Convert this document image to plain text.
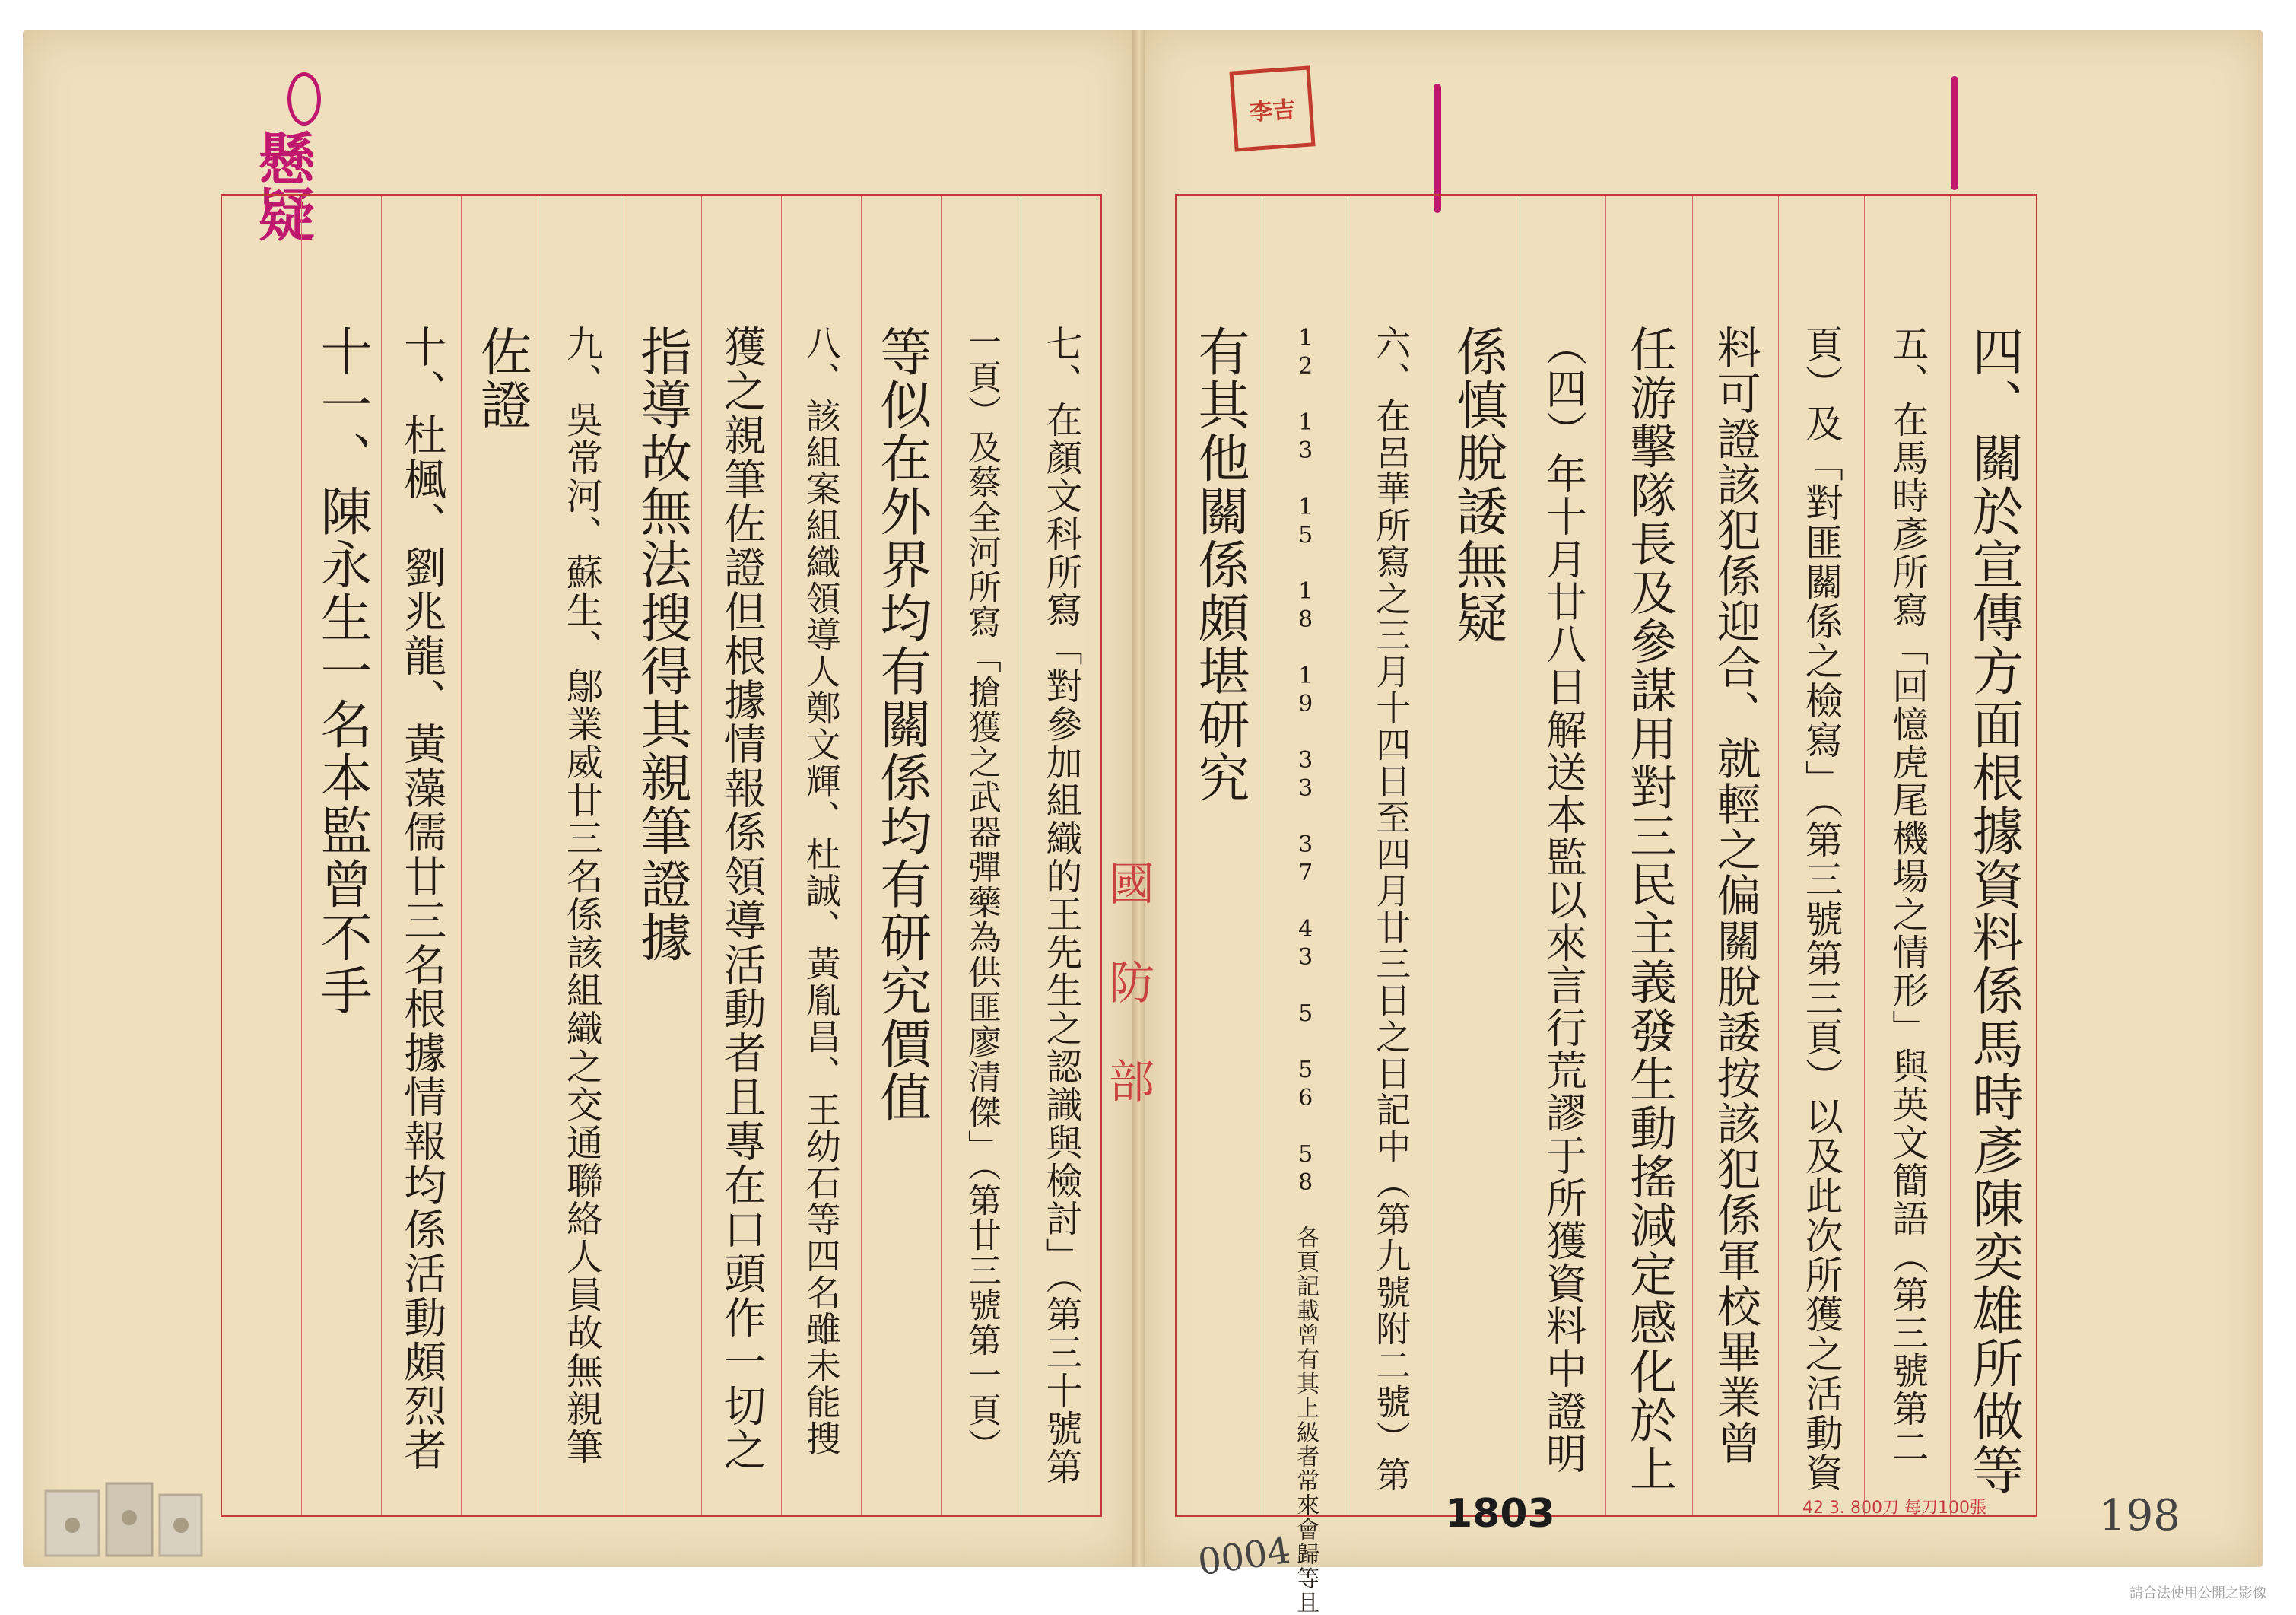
懸疑
李吉
十一、陳永生一名本監曾不手 十、杜楓、劉兆龍、黃藻儒廿三名根據情報均係活動頗烈者 佐證 九、吳常河、蘇生、鄔業威廿三名係該組織之交通聯絡人員故無親筆 指導故無法搜得其親筆證據 獲之親筆佐證但根據情報係領導活動者且專在口頭作一切之 八、該組案組織領導人鄭文輝、杜誠、黃胤昌、王幼石等四名雖未能搜 等似在外界均有關係均有研究價值 一頁）及蔡全河所寫「搶獲之武器彈藥為供匪廖清傑」（第廿三號第一頁） 七、在顏文科所寫「對參加組織的王先生之認識與檢討」（第三十號第 有其他關係頗堪研究 12 13 15 18 19 33 37 43 5 56 58 各頁記載曾有其上級者常來會歸等且 六、在呂華所寫之三月十四日至四月廿三日之日記中（第九號附二號）第 係慎脫諉無疑 （四）年十月廿八日解送本監以來言行荒謬于所獲資料中證明 任游擊隊長及參謀用對三民主義發生動搖減定感化於上 料可證該犯係迎合、就輕之偏關脫諉按該犯係軍校畢業曾 頁）及「對匪關係之檢寫」（第三號第三頁）以及此次所獲之活動資 五、在馬時彥所寫「回憶虎尾機場之情形」與英文簡語（第三號第二 四、關於宣傳方面根據資料係馬時彥陳奕雄所做等
國防部
1803	42 3. 800刀 每刀100張
0004
198
請合法使用公開之影像
